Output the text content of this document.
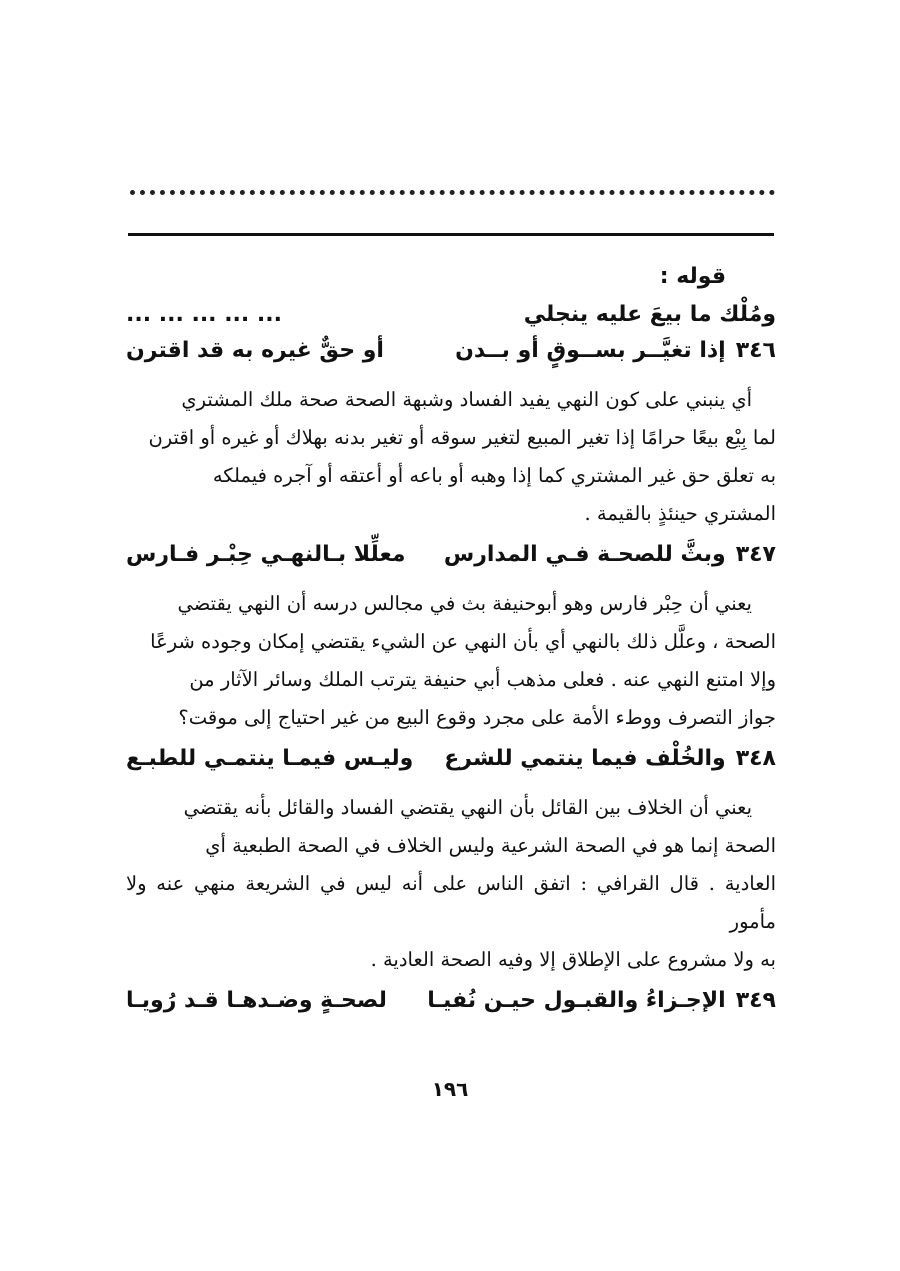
قوله :
ومُلْك ما بيعَ عليه ينجلي
... ... ... ... ...
٣٤٦
إذا تغيَّــر بســوقٍ أو بــدن
أو حقٌّ غيره به قد اقترن
أي ينبني على كون النهي يفيد الفساد وشبهة الصحة صحة ملك المشتري
لما بِيْع بيعًا حرامًا إذا تغير المبيع لتغير سوقه أو تغير بدنه بهلاك أو غيره أو اقترن
به تعلق حق غير المشتري كما إذا وهبه أو باعه أو أعتقه أو آجره فيملكه
المشتري حينئذٍ بالقيمة .
٣٤٧
وبثَّ للصحـة فـي المدارس
معلِّلا بـالنهـي حِبْـر فـارس
يعني أن حِبْر فارس وهو أبوحنيفة بث في مجالس درسه أن النهي يقتضي
الصحة ، وعلَّل ذلك بالنهي أي بأن النهي عن الشيء يقتضي إمكان وجوده شرعًا
وإلا امتنع النهي عنه . فعلى مذهب أبي حنيفة يترتب الملك وسائر الآثار من
جواز التصرف ووطء الأمة على مجرد وقوع البيع من غير احتياج إلى موقت؟
٣٤٨
والخُلْف فيما ينتمي للشرع
وليـس فيمـا ينتمـي للطبـع
يعني أن الخلاف بين القائل بأن النهي يقتضي الفساد والقائل بأنه يقتضي
الصحة إنما هو في الصحة الشرعية وليس الخلاف في الصحة الطبعية أي
العادية . قال القرافي : اتفق الناس على أنه ليس في الشريعة منهي عنه ولا مأمور
به ولا مشروع على الإطلاق إلا وفيه الصحة العادية .
٣٤٩
الإجـزاءُ والقبـول حيـن نُفيـا
لصحـةٍ وضـدهـا قـد رُويـا
١٩٦
